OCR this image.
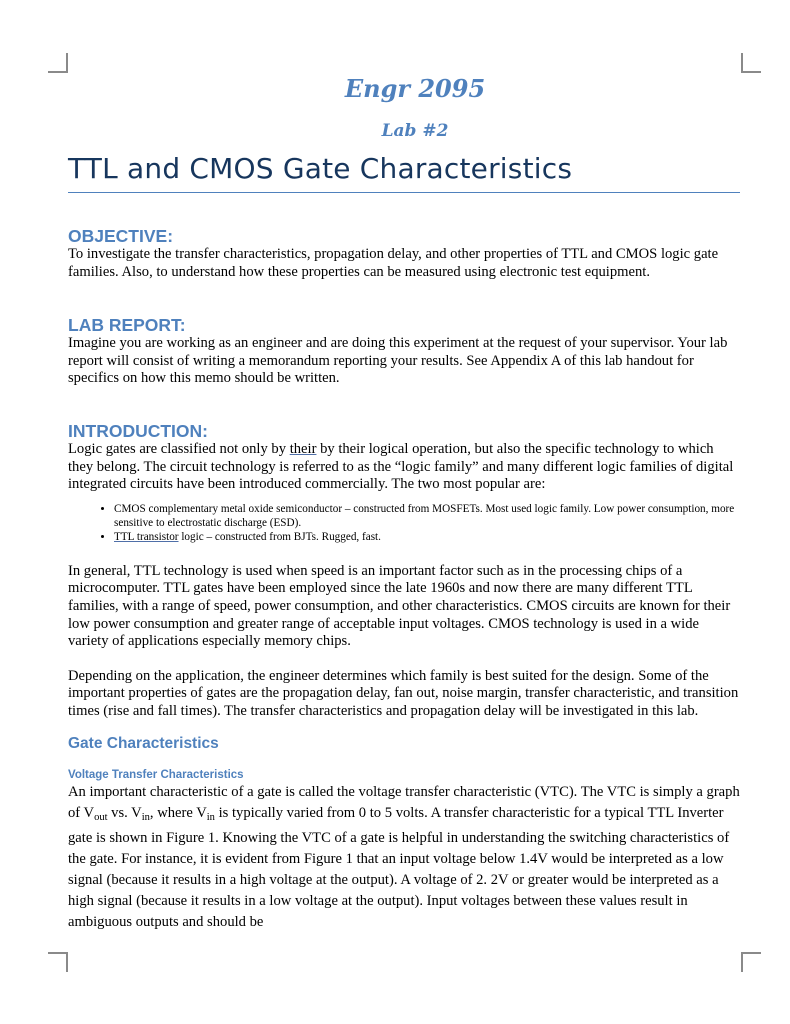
Engr 2095
Lab #2
TTL and CMOS Gate Characteristics
OBJECTIVE:

To investigate the transfer characteristics, propagation delay, and other properties of TTL and CMOS logic gate families. Also, to understand how these properties can be measured using electronic test equipment.

LAB REPORT:

Imagine you are working as an engineer and are doing this experiment at the request of your supervisor. Your lab report will consist of writing a memorandum reporting your results. See Appendix A of this lab handout for specifics on how this memo should be written.

INTRODUCTION:

Logic gates are classified not only by their by their logical operation, but also the specific technology to which they belong. The circuit technology is referred to as the “logic family” and many different logic families of digital integrated circuits have been introduced commercially. The two most popular are:

• CMOS complementary metal oxide semiconductor – constructed from MOSFETs. Most used logic family. Low power consumption, more sensitive to electrostatic discharge (ESD).
• TTL transistor logic – constructed from BJTs. Rugged, fast.

In general, TTL technology is used when speed is an important factor such as in the processing chips of a microcomputer. TTL gates have been employed since the late 1960s and now there are many different TTL families, with a range of speed, power consumption, and other characteristics. CMOS circuits are known for their low power consumption and greater range of acceptable input voltages. CMOS technology is used in a wide variety of applications especially memory chips.

Depending on the application, the engineer determines which family is best suited for the design. Some of the important properties of gates are the propagation delay, fan out, noise margin, transfer characteristic, and transition times (rise and fall times). The transfer characteristics and propagation delay will be investigated in this lab.

Gate Characteristics
Voltage Transfer Characteristics

An important characteristic of a gate is called the voltage transfer characteristic (VTC). The VTC is simply a graph of $V_{out}$ vs. $V_{in}$, where $V_{in}$ is typically varied from 0 to 5 volts. A transfer characteristic for a typical TTL Inverter gate is shown in Figure 1. Knowing the VTC of a gate is helpful in understanding the switching characteristics of the gate. For instance, it is evident from Figure 1 that an input voltage below 1.4V would be interpreted as a low signal (because it results in a high voltage at the output). A voltage of 2. 2V or greater would be interpreted as a high signal (because it results in a low voltage at the output). Input voltages between these values result in ambiguous outputs and should be
